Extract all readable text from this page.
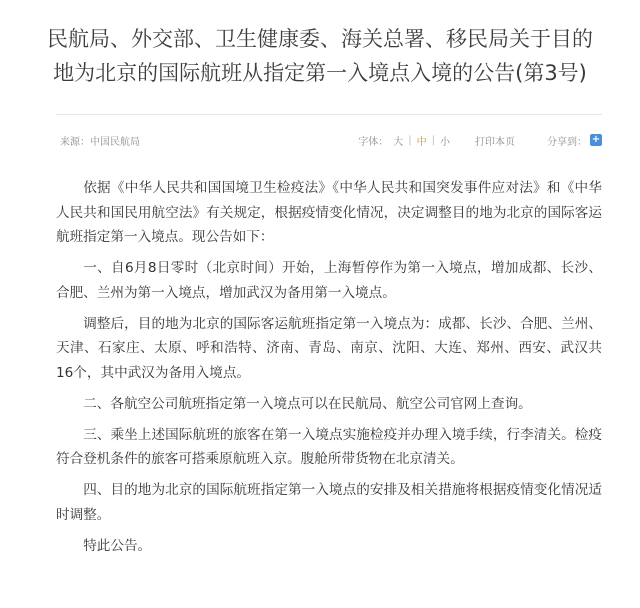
民航局、外交部、卫生健康委、海关总署、移民局关于目的
地为北京的国际航班从指定第一入境点入境的公告(第3号)
来源：中国民航局	字体： 大 | 中 | 小	打印本页	分享到： +

依据《中华人民共和国国境卫生检疫法》《中华人民共和国突发事件应对法》和《中华人民共和国民用航空法》有关规定，根据疫情变化情况，决定调整目的地为北京的国际客运航班指定第一入境点。现公告如下：

一、自6月8日零时（北京时间）开始，上海暂停作为第一入境点，增加成都、长沙、合肥、兰州为第一入境点，增加武汉为备用第一入境点。

调整后，目的地为北京的国际客运航班指定第一入境点为：成都、长沙、合肥、兰州、天津、石家庄、太原、呼和浩特、济南、青岛、南京、沈阳、大连、郑州、西安、武汉共16个，其中武汉为备用入境点。

二、各航空公司航班指定第一入境点可以在民航局、航空公司官网上查询。

三、乘坐上述国际航班的旅客在第一入境点实施检疫并办理入境手续，行李清关。检疫符合登机条件的旅客可搭乘原航班入京。腹舱所带货物在北京清关。

四、目的地为北京的国际航班指定第一入境点的安排及相关措施将根据疫情变化情况适时调整。

特此公告。
